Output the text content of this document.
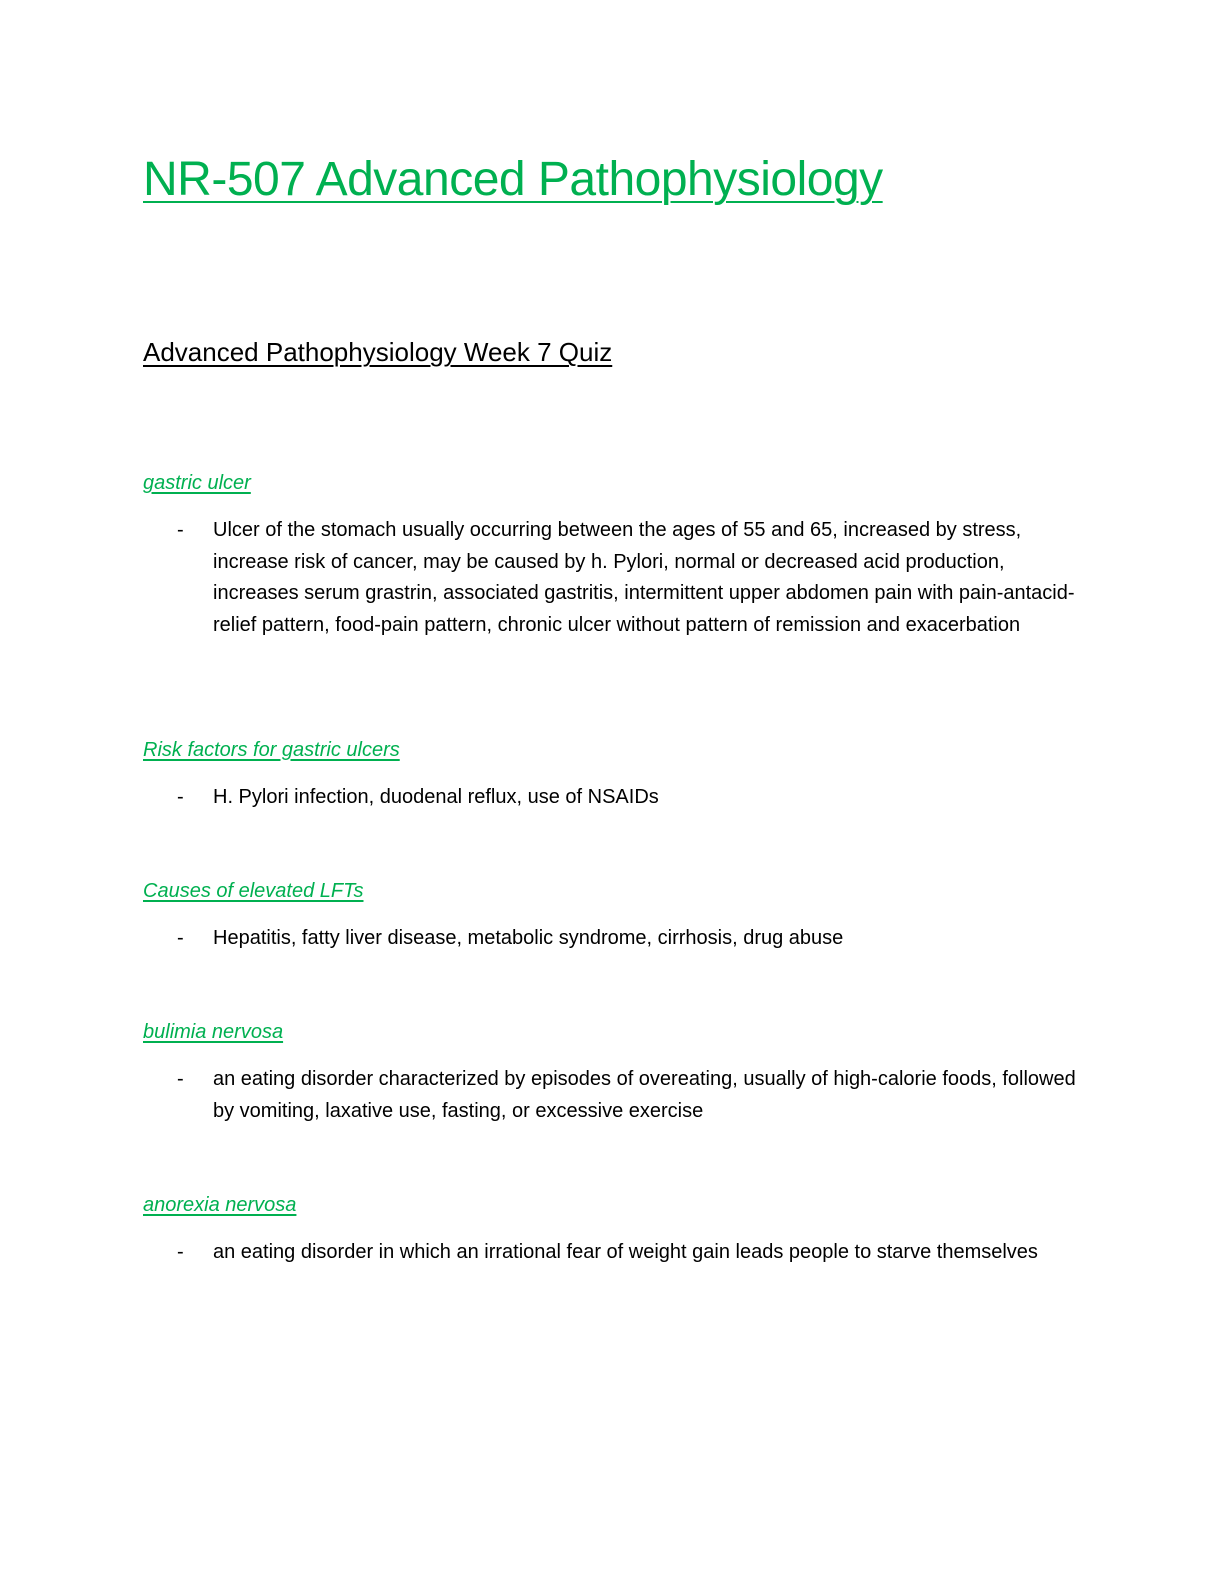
NR-507 Advanced Pathophysiology
Advanced Pathophysiology Week 7 Quiz

gastric ulcer

- Ulcer of the stomach usually occurring between the ages of 55 and 65, increased by stress, increase risk of cancer, may be caused by h. Pylori, normal or decreased acid production, increases serum grastrin, associated gastritis, intermittent upper abdomen pain with pain-antacid-relief pattern, food-pain pattern, chronic ulcer without pattern of remission and exacerbation

Risk factors for gastric ulcers

- H. Pylori infection, duodenal reflux, use of NSAIDs

Causes of elevated LFTs

- Hepatitis, fatty liver disease, metabolic syndrome, cirrhosis, drug abuse

bulimia nervosa

- an eating disorder characterized by episodes of overeating, usually of high-calorie foods, followed by vomiting, laxative use, fasting, or excessive exercise

anorexia nervosa

- an eating disorder in which an irrational fear of weight gain leads people to starve themselves
